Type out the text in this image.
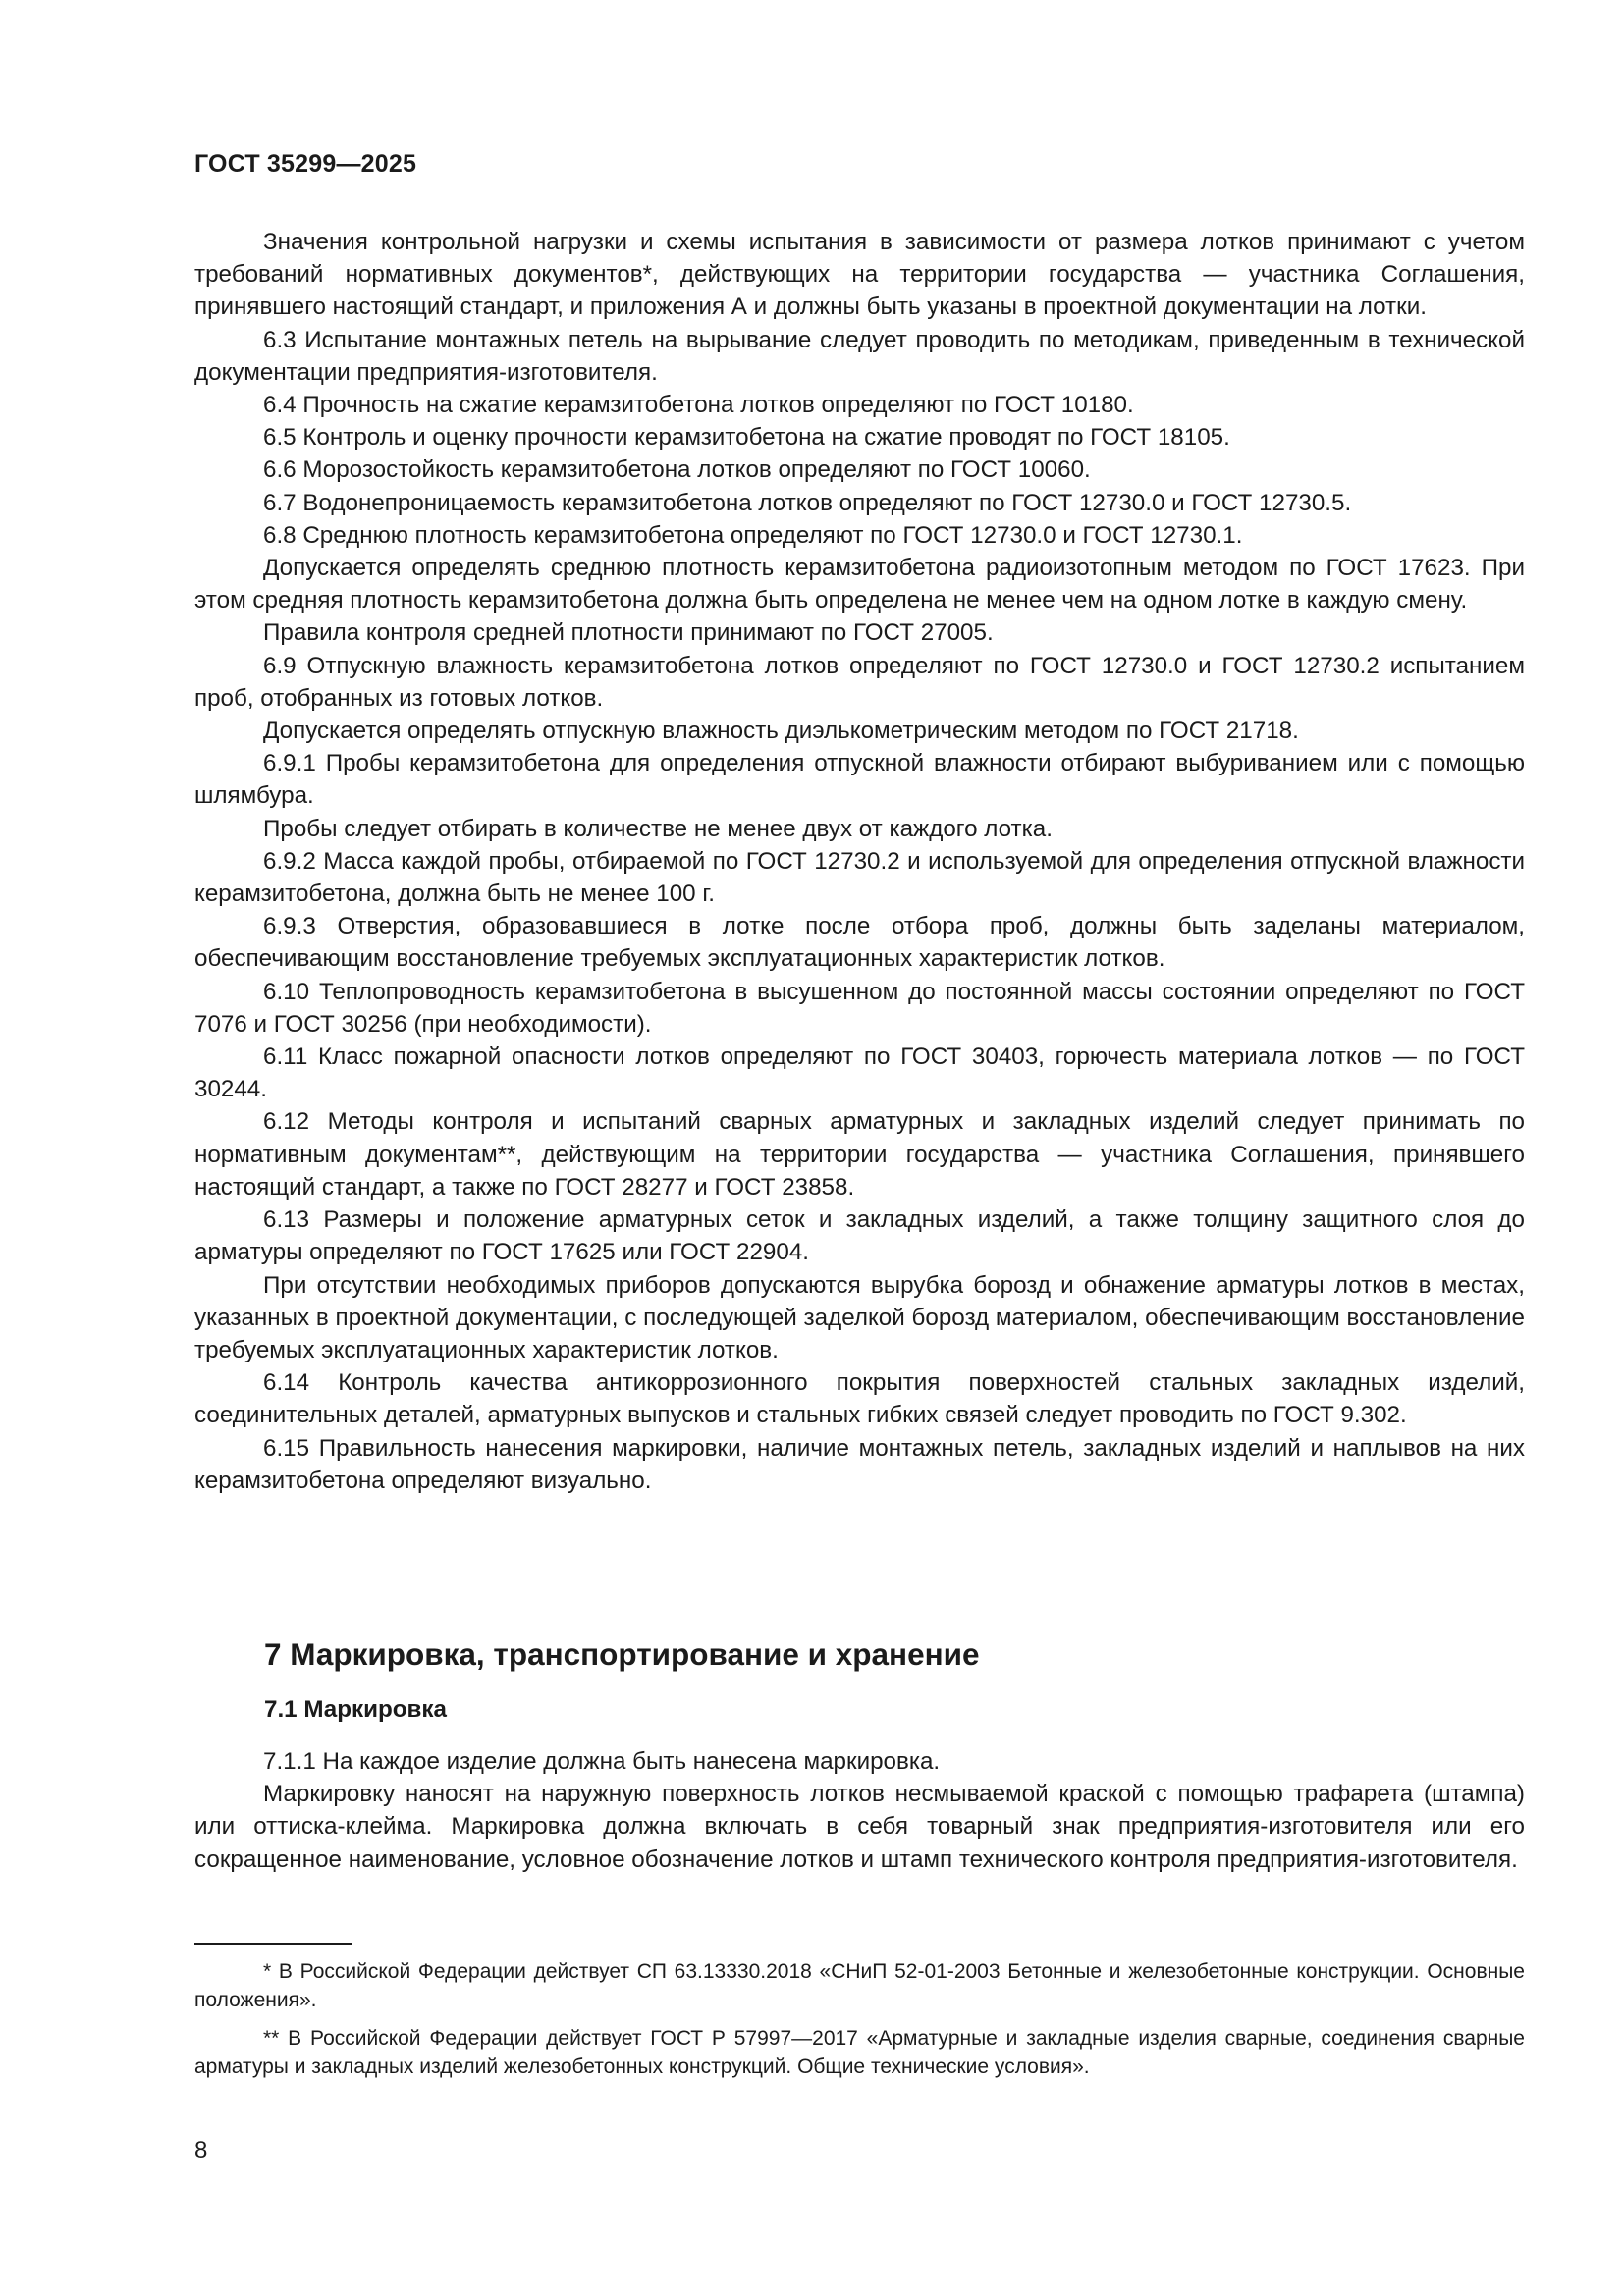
ГОСТ 35299—2025

Значения контрольной нагрузки и схемы испытания в зависимости от размера лотков принимают с учетом требований нормативных документов*, действующих на территории государства — участника Соглашения, принявшего настоящий стандарт, и приложения А и должны быть указаны в проектной документации на лотки.

6.3 Испытание монтажных петель на вырывание следует проводить по методикам, приведенным в технической документации предприятия-изготовителя.

6.4 Прочность на сжатие керамзитобетона лотков определяют по ГОСТ 10180.

6.5 Контроль и оценку прочности керамзитобетона на сжатие проводят по ГОСТ 18105.

6.6 Морозостойкость керамзитобетона лотков определяют по ГОСТ 10060.

6.7 Водонепроницаемость керамзитобетона лотков определяют по ГОСТ 12730.0 и ГОСТ 12730.5.

6.8 Среднюю плотность керамзитобетона определяют по ГОСТ 12730.0 и ГОСТ 12730.1.

Допускается определять среднюю плотность керамзитобетона радиоизотопным методом по ГОСТ 17623. При этом средняя плотность керамзитобетона должна быть определена не менее чем на одном лотке в каждую смену.

Правила контроля средней плотности принимают по ГОСТ 27005.

6.9 Отпускную влажность керамзитобетона лотков определяют по ГОСТ 12730.0 и ГОСТ 12730.2 испытанием проб, отобранных из готовых лотков.

Допускается определять отпускную влажность диэлькометрическим методом по ГОСТ 21718.

6.9.1 Пробы керамзитобетона для определения отпускной влажности отбирают выбуриванием или с помощью шлямбура.

Пробы следует отбирать в количестве не менее двух от каждого лотка.

6.9.2 Масса каждой пробы, отбираемой по ГОСТ 12730.2 и используемой для определения отпускной влажности керамзитобетона, должна быть не менее 100 г.

6.9.3 Отверстия, образовавшиеся в лотке после отбора проб, должны быть заделаны материалом, обеспечивающим восстановление требуемых эксплуатационных характеристик лотков.

6.10 Теплопроводность керамзитобетона в высушенном до постоянной массы состоянии определяют по ГОСТ 7076 и ГОСТ 30256 (при необходимости).

6.11 Класс пожарной опасности лотков определяют по ГОСТ 30403, горючесть материала лотков — по ГОСТ 30244.

6.12 Методы контроля и испытаний сварных арматурных и закладных изделий следует принимать по нормативным документам**, действующим на территории государства — участника Соглашения, принявшего настоящий стандарт, а также по ГОСТ 28277 и ГОСТ 23858.

6.13 Размеры и положение арматурных сеток и закладных изделий, а также толщину защитного слоя до арматуры определяют по ГОСТ 17625 или ГОСТ 22904.

При отсутствии необходимых приборов допускаются вырубка борозд и обнажение арматуры лотков в местах, указанных в проектной документации, с последующей заделкой борозд материалом, обеспечивающим восстановление требуемых эксплуатационных характеристик лотков.

6.14 Контроль качества антикоррозионного покрытия поверхностей стальных закладных изделий, соединительных деталей, арматурных выпусков и стальных гибких связей следует проводить по ГОСТ 9.302.

6.15 Правильность нанесения маркировки, наличие монтажных петель, закладных изделий и наплывов на них керамзитобетона определяют визуально.

7 Маркировка, транспортирование и хранение
7.1 Маркировка

7.1.1 На каждое изделие должна быть нанесена маркировка.

Маркировку наносят на наружную поверхность лотков несмываемой краской с помощью трафарета (штампа) или оттиска-клейма. Маркировка должна включать в себя товарный знак предприятия-изготовителя или его сокращенное наименование, условное обозначение лотков и штамп технического контроля предприятия-изготовителя.

* В Российской Федерации действует СП 63.13330.2018 «СНиП 52-01-2003 Бетонные и железобетонные конструкции. Основные положения».

** В Российской Федерации действует ГОСТ Р 57997—2017 «Арматурные и закладные изделия сварные, соединения сварные арматуры и закладных изделий железобетонных конструкций. Общие технические условия».

8
